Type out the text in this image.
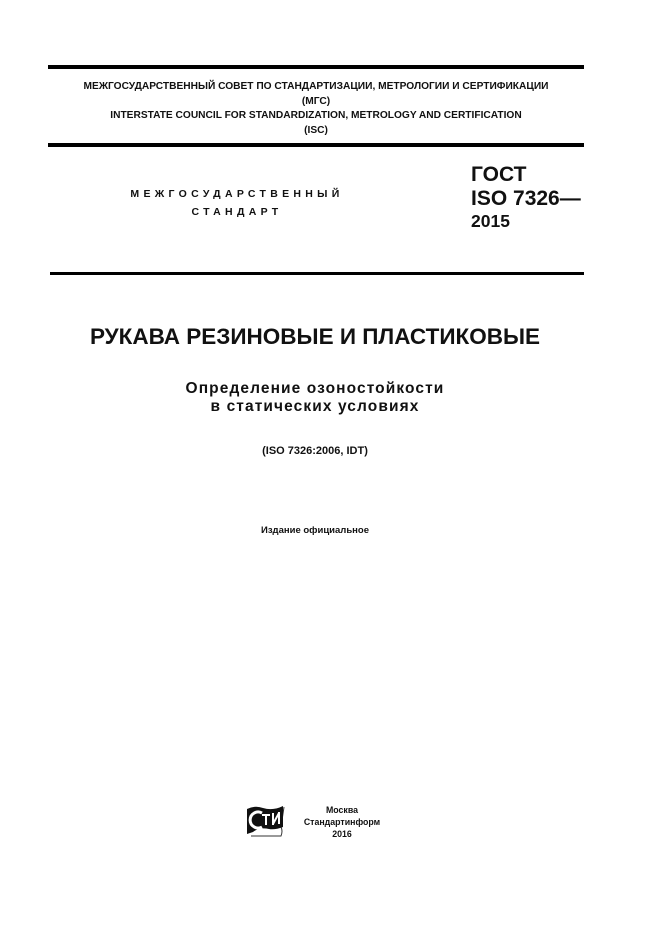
МЕЖГОСУДАРСТВЕННЫЙ СОВЕТ ПО СТАНДАРТИЗАЦИИ, МЕТРОЛОГИИ И СЕРТИФИКАЦИИ
(МГС)
INTERSTATE COUNCIL FOR STANDARDIZATION, METROLOGY AND CERTIFICATION
(ISC)
МЕЖГОСУДАРСТВЕННЫЙ
СТАНДАРТ
ГОСТ
ISO 7326—
2015
РУКАВА РЕЗИНОВЫЕ И ПЛАСТИКОВЫЕ
Определение озоностойкости
в статических условиях
(ISO 7326:2006, IDT)
Издание официальное
Москва
Стандартинформ
2016
